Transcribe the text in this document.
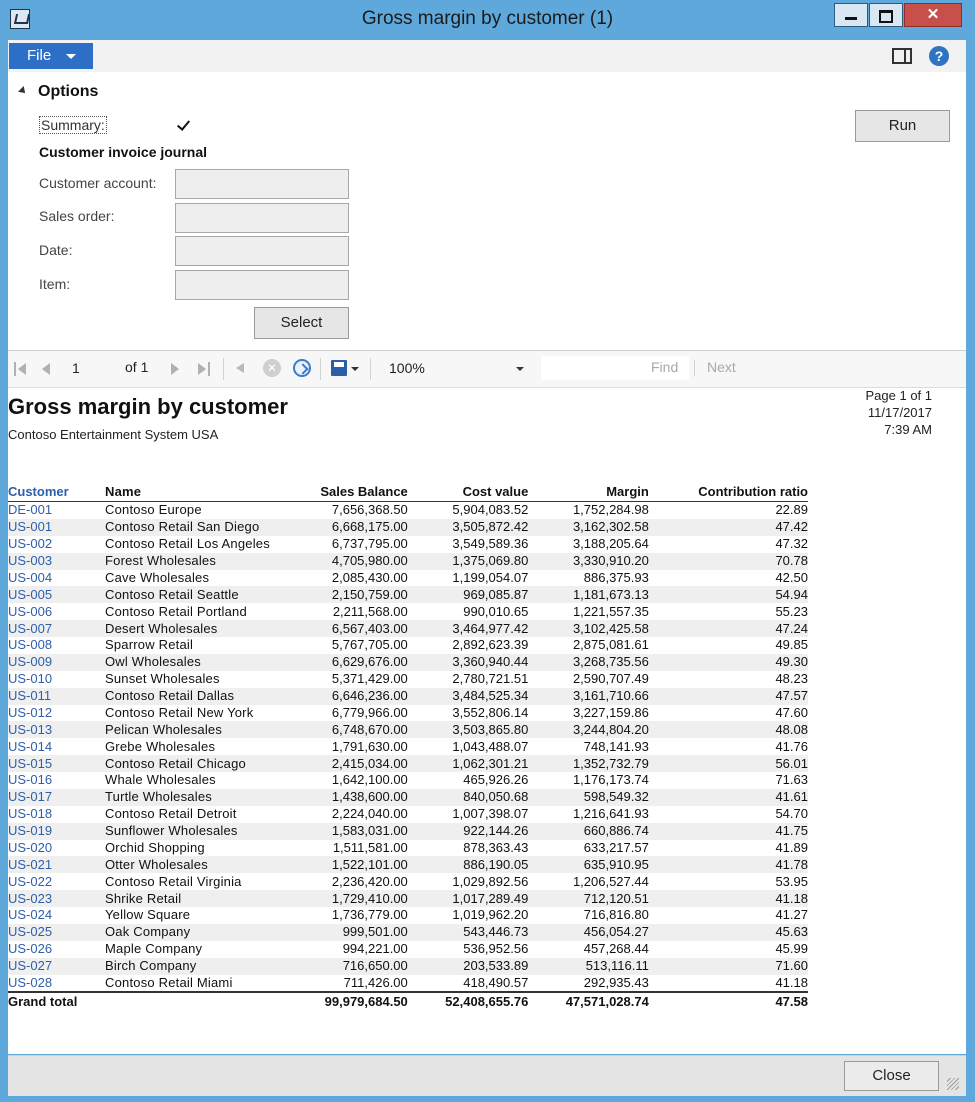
Gross margin by customer (1)	✕
File	?
Options
Summary:
Customer invoice journal
Customer account:
Sales order:
Date:
Item:
Select
Run
1	of 1	✕	100%	Find Next
Gross margin by customer
Contoso Entertainment System USA
Page 1 of 1
11/17/2017
7:39 AM
Customer	Name	Sales Balance	Cost value	Margin	Contribution ratio
DE-001	Contoso Europe	7,656,368.50	5,904,083.52	1,752,284.98	22.89
US-001	Contoso Retail San Diego	6,668,175.00	3,505,872.42	3,162,302.58	47.42
US-002	Contoso Retail Los Angeles	6,737,795.00	3,549,589.36	3,188,205.64	47.32
US-003	Forest Wholesales	4,705,980.00	1,375,069.80	3,330,910.20	70.78
US-004	Cave Wholesales	2,085,430.00	1,199,054.07	886,375.93	42.50
US-005	Contoso Retail Seattle	2,150,759.00	969,085.87	1,181,673.13	54.94
US-006	Contoso Retail Portland	2,211,568.00	990,010.65	1,221,557.35	55.23
US-007	Desert Wholesales	6,567,403.00	3,464,977.42	3,102,425.58	47.24
US-008	Sparrow Retail	5,767,705.00	2,892,623.39	2,875,081.61	49.85
US-009	Owl Wholesales	6,629,676.00	3,360,940.44	3,268,735.56	49.30
US-010	Sunset Wholesales	5,371,429.00	2,780,721.51	2,590,707.49	48.23
US-011	Contoso Retail Dallas	6,646,236.00	3,484,525.34	3,161,710.66	47.57
US-012	Contoso Retail New York	6,779,966.00	3,552,806.14	3,227,159.86	47.60
US-013	Pelican Wholesales	6,748,670.00	3,503,865.80	3,244,804.20	48.08
US-014	Grebe Wholesales	1,791,630.00	1,043,488.07	748,141.93	41.76
US-015	Contoso Retail Chicago	2,415,034.00	1,062,301.21	1,352,732.79	56.01
US-016	Whale Wholesales	1,642,100.00	465,926.26	1,176,173.74	71.63
US-017	Turtle Wholesales	1,438,600.00	840,050.68	598,549.32	41.61
US-018	Contoso Retail Detroit	2,224,040.00	1,007,398.07	1,216,641.93	54.70
US-019	Sunflower Wholesales	1,583,031.00	922,144.26	660,886.74	41.75
US-020	Orchid Shopping	1,511,581.00	878,363.43	633,217.57	41.89
US-021	Otter Wholesales	1,522,101.00	886,190.05	635,910.95	41.78
US-022	Contoso Retail Virginia	2,236,420.00	1,029,892.56	1,206,527.44	53.95
US-023	Shrike Retail	1,729,410.00	1,017,289.49	712,120.51	41.18
US-024	Yellow Square	1,736,779.00	1,019,962.20	716,816.80	41.27
US-025	Oak Company	999,501.00	543,446.73	456,054.27	45.63
US-026	Maple Company	994,221.00	536,952.56	457,268.44	45.99
US-027	Birch Company	716,650.00	203,533.89	513,116.11	71.60
US-028	Contoso Retail Miami	711,426.00	418,490.57	292,935.43	41.18
Grand total		99,979,684.50	52,408,655.76	47,571,028.74	47.58
Close
